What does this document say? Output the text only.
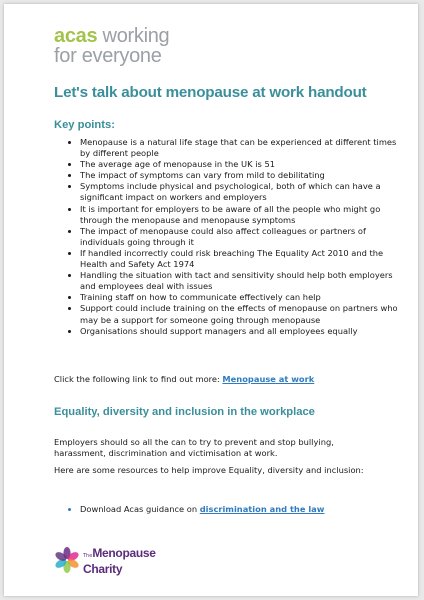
acas working
for everyone
Let's talk about menopause at work handout
Key points:
• Menopause is a natural life stage that can be experienced at different times by different people
• The average age of menopause in the UK is 51
• The impact of symptoms can vary from mild to debilitating
• Symptoms include physical and psychological, both of which can have a significant impact on workers and employers
• It is important for employers to be aware of all the people who might go through the menopause and menopause symptoms
• The impact of menopause could also affect colleagues or partners of individuals going through it
• If handled incorrectly could risk breaching The Equality Act 2010 and the Health and Safety Act 1974
• Handling the situation with tact and sensitivity should help both employers and employees deal with issues
• Training staff on how to communicate effectively can help
• Support could include training on the effects of menopause on partners who may be a support for someone going through menopause
• Organisations should support managers and all employees equally
Click the following link to find out more: Menopause at work
Equality, diversity and inclusion in the workplace

Employers should so all the can to try to prevent and stop bullying, harassment, discrimination and victimisation at work.

Here are some resources to help improve Equality, diversity and inclusion:

• Download Acas guidance on discrimination and the law
TheMenopause
Charity
